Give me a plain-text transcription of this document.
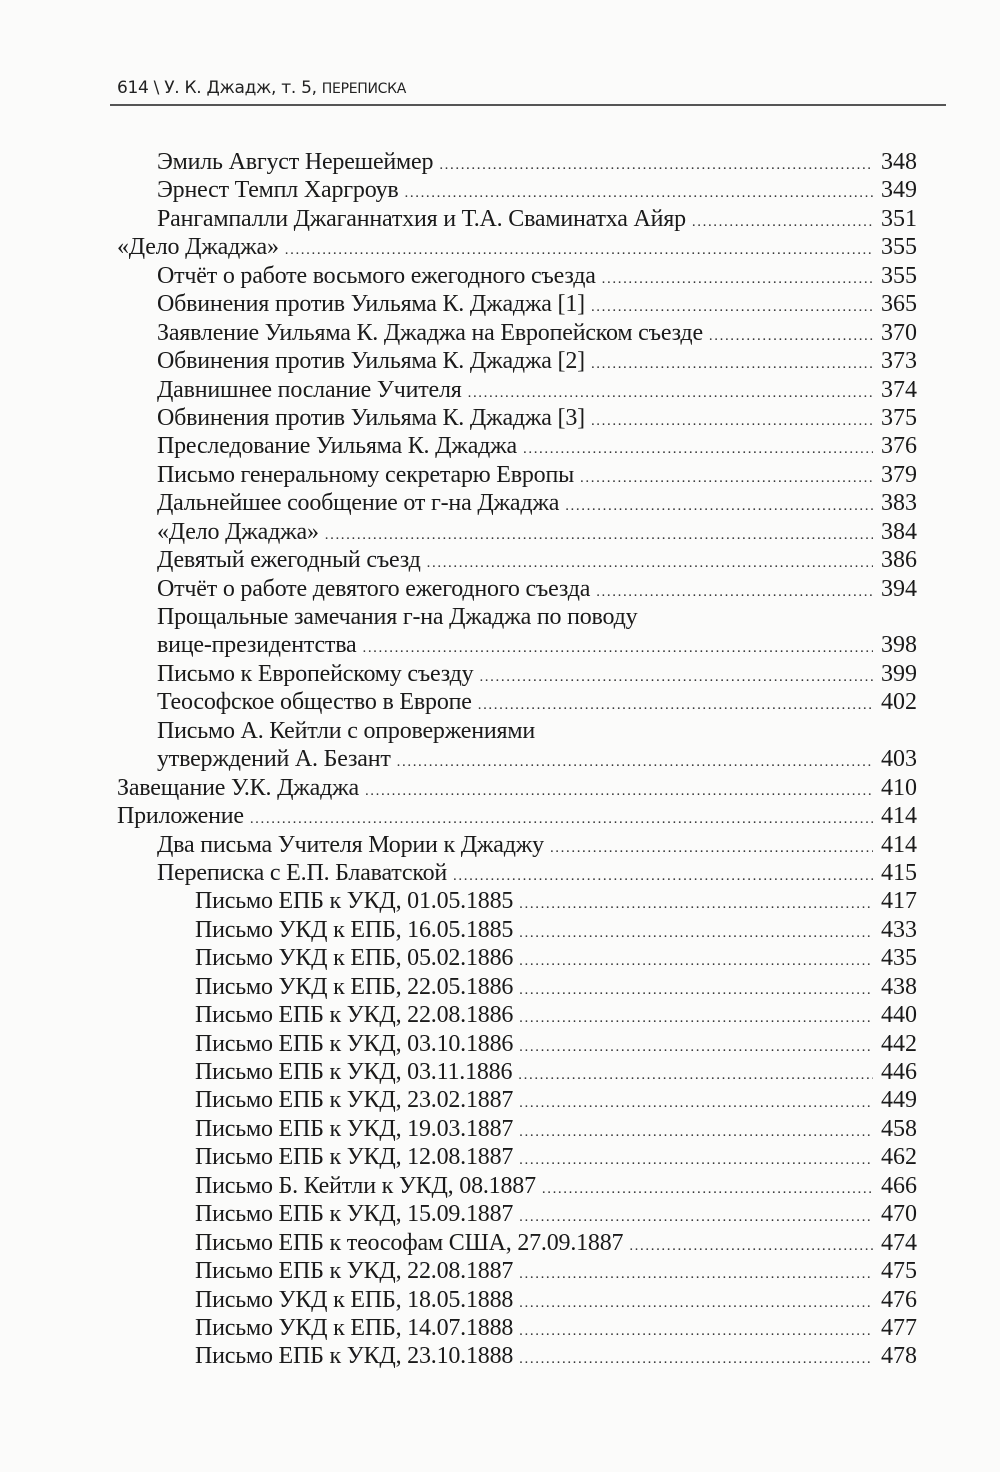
614 \ У. К. Джадж, т. 5, ПЕРЕПИСКА
Эмиль Август Нерешеймер .....	348
Эрнест Темпл Харгроув .....	349
Рангампалли Джаганнатхия и Т.А. Сваминатха Айяр .....	351
«Дело Джаджа» .....	355
Отчёт о работе восьмого ежегодного съезда .....	355
Обвинения против Уильяма К. Джаджа [1] .....	365
Заявление Уильяма К. Джаджа на Европейском съезде .....	370
Обвинения против Уильяма К. Джаджа [2] .....	373
Давнишнее послание Учителя .....	374
Обвинения против Уильяма К. Джаджа [3] .....	375
Преследование Уильяма К. Джаджа .....	376
Письмо генеральному секретарю Европы .....	379
Дальнейшее сообщение от г-на Джаджа .....	383
«Дело Джаджа» .....	384
Девятый ежегодный съезд .....	386
Отчёт о работе девятого ежегодного съезда .....	394
Прощальные замечания г-на Джаджа по поводу
вице-президентства .....	398
Письмо к Европейскому съезду .....	399
Теософское общество в Европе .....	402
Письмо А. Кейтли с опровержениями
утверждений А. Безант .....	403
Завещание У.К. Джаджа .....	410
Приложение .....	414
Два письма Учителя Мории к Джаджу .....	414
Переписка с Е.П. Блаватской .....	415
Письмо ЕПБ к УКД, 01.05.1885 .....	417
Письмо УКД к ЕПБ, 16.05.1885 .....	433
Письмо УКД к ЕПБ, 05.02.1886 .....	435
Письмо УКД к ЕПБ, 22.05.1886 .....	438
Письмо ЕПБ к УКД, 22.08.1886 .....	440
Письмо ЕПБ к УКД, 03.10.1886 .....	442
Письмо ЕПБ к УКД, 03.11.1886 .....	446
Письмо ЕПБ к УКД, 23.02.1887 .....	449
Письмо ЕПБ к УКД, 19.03.1887 .....	458
Письмо ЕПБ к УКД, 12.08.1887 .....	462
Письмо Б. Кейтли к УКД, 08.1887 .....	466
Письмо ЕПБ к УКД, 15.09.1887 .....	470
Письмо ЕПБ к теософам США, 27.09.1887 .....	474
Письмо ЕПБ к УКД, 22.08.1887 .....	475
Письмо УКД к ЕПБ, 18.05.1888 .....	476
Письмо УКД к ЕПБ, 14.07.1888 .....	477
Письмо ЕПБ к УКД, 23.10.1888 .....	478
